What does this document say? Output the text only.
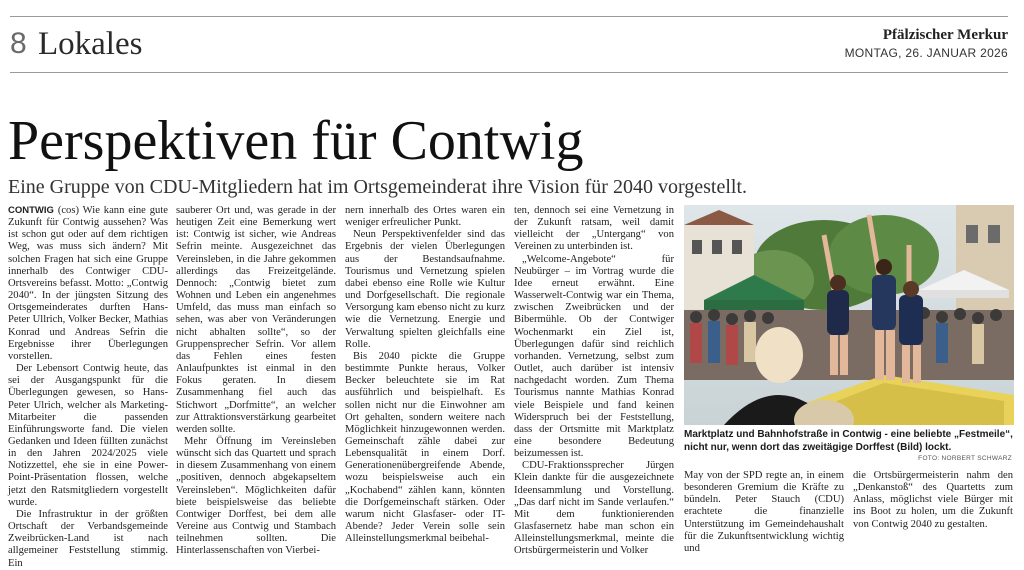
8 Lokales	Pfälzischer Merkur
MONTAG, 26. JANUAR 2026
Perspektiven für Contwig

Eine Gruppe von CDU-Mitgliedern hat im Ortsgemeinderat ihre Vision für 2040 vorgestellt.

CONTWIG (cos) Wie kann eine gute Zukunft für Contwig aussehen? Was ist schon gut oder auf dem richtigen Weg, was muss sich ändern? Mit solchen Fragen hat sich eine Gruppe innerhalb des Contwiger CDU-Ortsvereins befasst. Motto: „Contwig 2040“. In der jüngsten Sitzung des Ortsgemeinderates durften Hans-Peter Ullrich, Volker Becker, Mathias Konrad und Andreas Sefrin die Ergebnisse ihrer Überlegungen vorstellen.

Der Lebensort Contwig heute, das sei der Ausgangspunkt für die Überlegungen gewesen, so Hans-Peter Ulrich, welcher als Marketing-Mitarbeiter die passenden Einführungsworte fand. Die vielen Gedanken und Ideen füllten zunächst in den Jahren 2024/2025 viele Notizzettel, ehe sie in eine Power-Point-Präsentation flossen, welche jetzt den Ratsmitgliedern vorgestellt wurde.

Die Infrastruktur in der größten Ortschaft der Verbandsgemeinde Zweibrücken-Land ist nach allgemeiner Feststellung stimmig. Ein

sauberer Ort und, was gerade in der heutigen Zeit eine Bemerkung wert ist: Contwig ist sicher, wie Andreas Sefrin meinte. Ausgezeichnet das Vereinsleben, in die Jahre gekommen allerdings das Freizeitgelände. Dennoch: „Contwig bietet zum Wohnen und Leben ein angenehmes Umfeld, das muss man einfach so sehen, was aber von Veränderungen nicht abhalten sollte“, so der Gruppensprecher Sefrin. Vor allem das Fehlen eines festen Anlaufpunktes ist einmal in den Fokus geraten. In diesem Zusammenhang fiel auch das Stichwort „Dorfmitte“, an welcher zur Attraktionsverstärkung gearbeitet werden sollte.

Mehr Öffnung im Vereinsleben wünscht sich das Quartett und sprach in diesem Zusammenhang von einem „positiven, dennoch abgekapseltem Vereinsleben“. Möglichkeiten dafür biete beispielsweise das beliebte Contwiger Dorffest, bei dem alle Vereine aus Contwig und Stambach teilnehmen sollten. Die Hinterlassenschaften von Vierbei-

nern innerhalb des Ortes waren ein weniger erfreulicher Punkt.

Neun Perspektivenfelder sind das Ergebnis der vielen Überlegungen aus der Bestandsaufnahme. Tourismus und Vernetzung spielen dabei ebenso eine Rolle wie Kultur und Dorfgesellschaft. Die regionale Versorgung kam ebenso nicht zu kurz wie die Vernetzung. Energie und Verwaltung spielten gleichfalls eine Rolle.

Bis 2040 pickte die Gruppe bestimmte Punkte heraus, Volker Becker beleuchtete sie im Rat ausführlich und beispielhaft. Es sollen nicht nur die Einwohner am Ort gehalten, sondern weitere nach Möglichkeit hinzugewonnen werden. Gemeinschaft zähle dabei zur Lebensqualität in einem Dorf. Generationenübergreifende Abende, wozu beispielsweise auch ein „Kochabend“ zählen kann, könnten die Dorfgemeinschaft stärken. Oder warum nicht Glasfaser- oder IT-Abende? Jeder Verein solle sein Alleinstellungsmerkmal beibehal-

ten, dennoch sei eine Vernetzung in der Zukunft ratsam, weil damit vielleicht der „Untergang“ von Vereinen zu unterbinden ist.

„Welcome-Angebote“ für Neubürger – im Vortrag wurde die Idee erneut erwähnt. Eine Wasserwelt-Contwig war ein Thema, zwischen Zweibrücken und der Bibermühle. Ob der Contwiger Wochenmarkt ein Ziel ist, Überlegungen dafür sind reichlich vorhanden. Vernetzung, selbst zum Outlet, auch darüber ist intensiv nachgedacht worden. Zum Thema Tourismus nannte Mathias Konrad viele Beispiele und fand keinen Widerspruch bei der Feststellung, dass der Ortsmitte mit Marktplatz eine besondere Bedeutung beizumessen ist.

CDU-Fraktionssprecher Jürgen Klein dankte für die ausgezeichnete Ideensammlung und Vorstellung. „Das darf nicht im Sande verlaufen.“ Mit dem funktionierenden Glasfasernetz habe man schon ein Alleinstellungsmerkmal, meinte die Ortsbürgermeisterin und Volker

Marktplatz und Bahnhofstraße in Contwig - eine beliebte „Festmeile“, nicht nur, wenn dort das zweitägige Dorffest (Bild) lockt.
FOTO: NORBERT SCHWARZ

May von der SPD regte an, in einem besonderen Gremium die Kräfte zu bündeln. Peter Stauch (CDU) erachtete die finanzielle Unterstützung im Gemeindehaushalt für die Zukunftsentwicklung wichtig und

die Ortsbürgermeisterin nahm den „Denkanstoß“ des Quartetts zum Anlass, möglichst viele Bürger mit ins Boot zu holen, um die Zukunft von Contwig 2040 zu gestalten.
